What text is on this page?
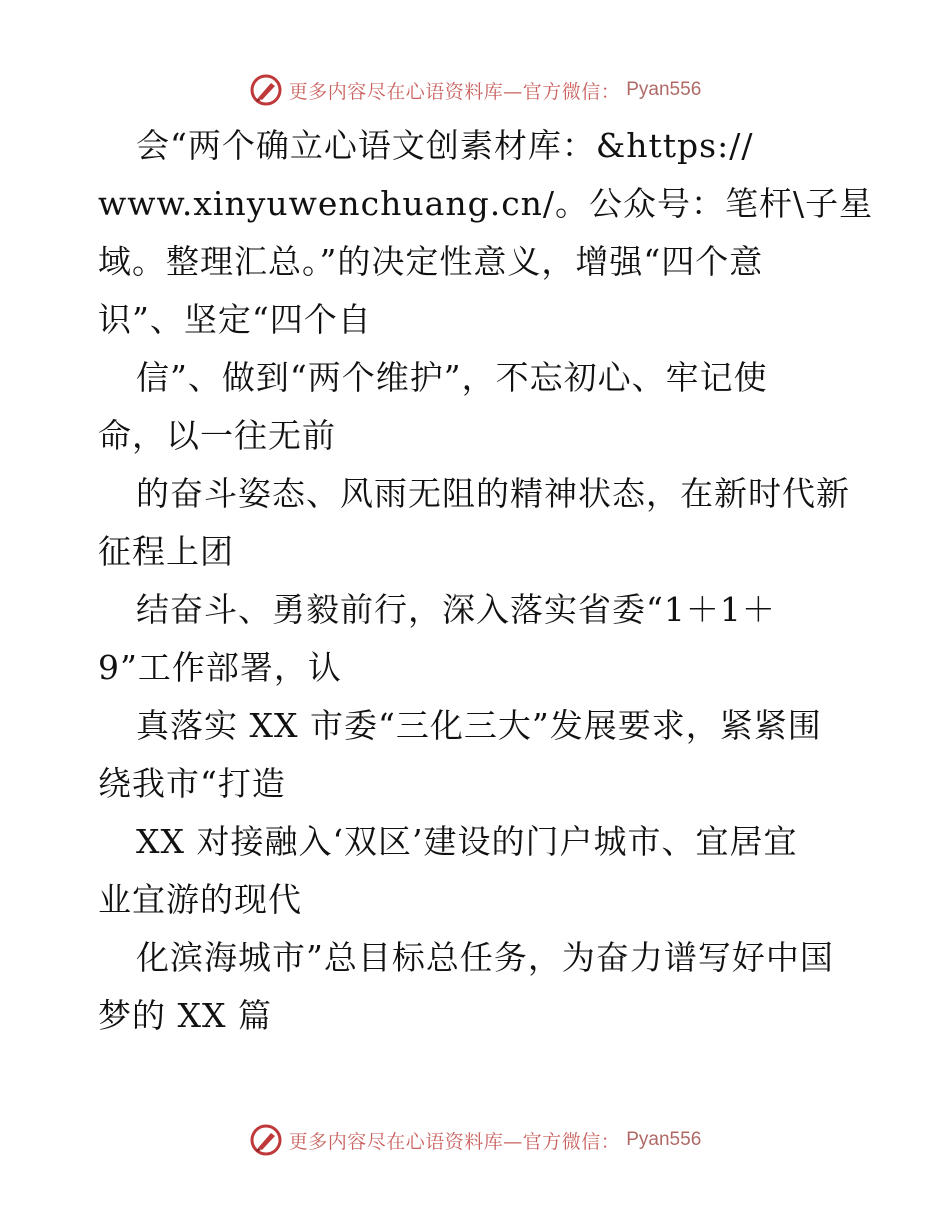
更多内容尽在心语资料库—官方微信： Pyan556
会“两个确立心语文创素材库：&https://
www.xinyuwenchuang.cn/。公众号：笔杆\子星
域。整理汇总。”的决定性意义，增强“四个意
识”、坚定“四个自
信”、做到“两个维护”，不忘初心、牢记使
命，以一往无前
的奋斗姿态、风雨无阻的精神状态，在新时代新
征程上团
结奋斗、勇毅前行，深入落实省委“1＋1＋
9”工作部署，认
真落实 XX 市委“三化三大”发展要求，紧紧围
绕我市“打造
XX 对接融入‘双区’建设的门户城市、宜居宜
业宜游的现代
化滨海城市”总目标总任务，为奋力谱写好中国
梦的 XX 篇
更多内容尽在心语资料库—官方微信： Pyan556
